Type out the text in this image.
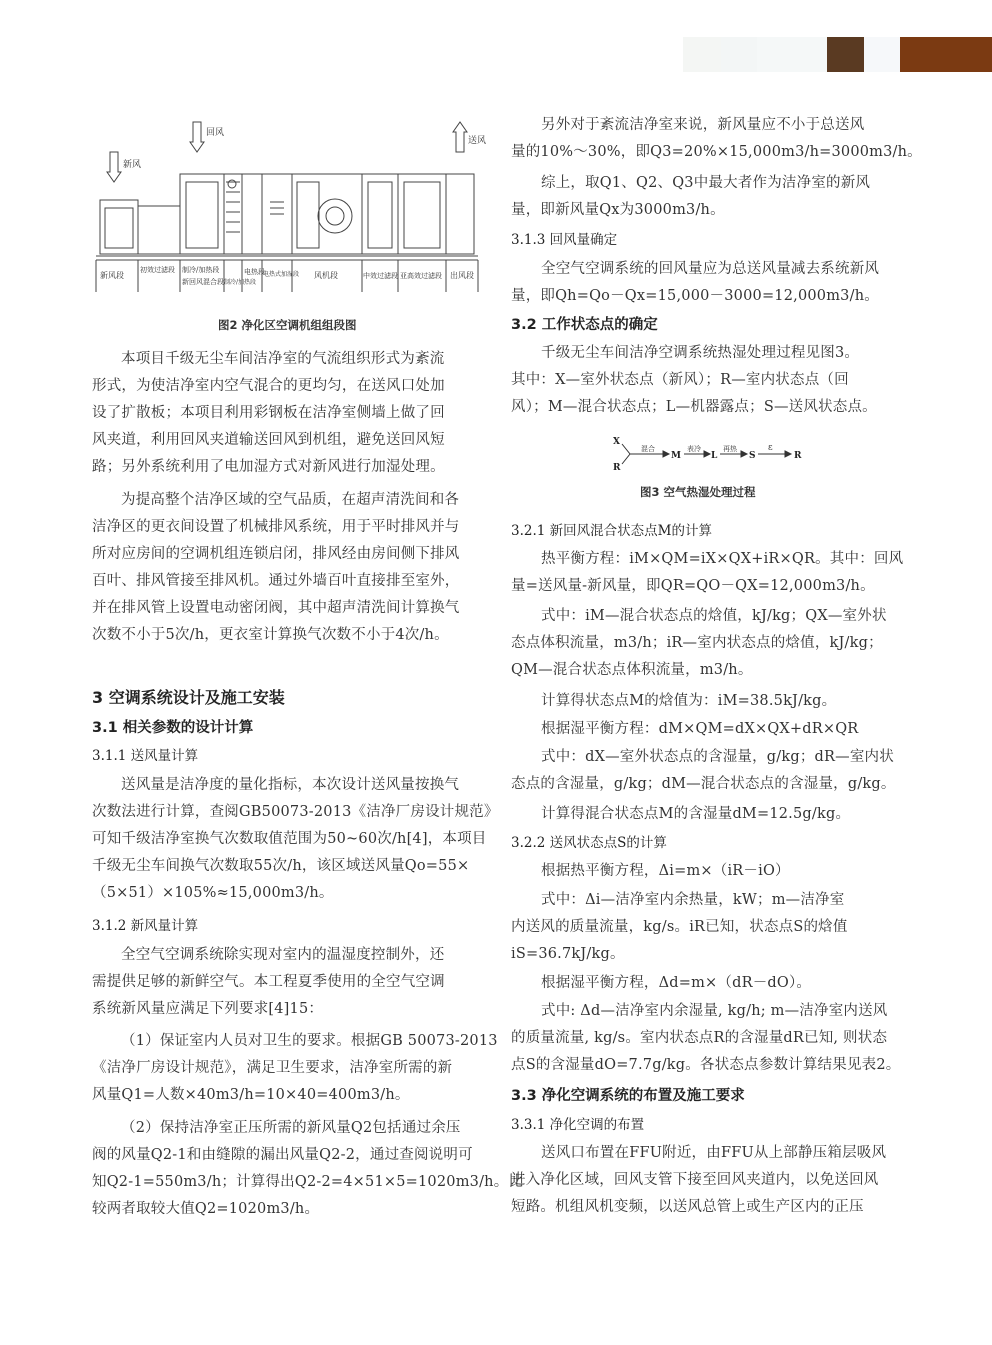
回风
新风
送风
新风段
初效过滤段 制冷/加热段
新回风混合段 制冷/加热段
电热段
电热式加湿段 风机段	中效过滤段 亚高效过滤段 出风段
图2 净化区空调机组组段图
本项目千级无尘车间洁净室的气流组织形式为紊流
形式，为使洁净室内空气混合的更均匀，在送风口处加
设了扩散板；本项目利用彩钢板在洁净室侧墙上做了回
风夹道，利用回风夹道输送回风到机组，避免送回风短
路；另外系统利用了电加湿方式对新风进行加湿处理。
为提高整个洁净区域的空气品质，在超声清洗间和各
洁净区的更衣间设置了机械排风系统，用于平时排风并与
所对应房间的空调机组连锁启闭，排风经由房间侧下排风
百叶、排风管接至排风机。通过外墙百叶直接排至室外，
并在排风管上设置电动密闭阀，其中超声清洗间计算换气
次数不小于5次/h，更衣室计算换气次数不小于4次/h。
3 空调系统设计及施工安装
3.1 相关参数的设计计算
3.1.1 送风量计算
送风量是洁净度的量化指标，本次设计送风量按换气
次数法进行计算，查阅GB50073-2013《洁净厂房设计规范》
可知千级洁净室换气次数取值范围为50~60次/h[4]，本项目
千级无尘车间换气次数取55次/h，该区域送风量Qo=55×
（5×51）×105%≈15,000m3/h。
3.1.2 新风量计算
全空气空调系统除实现对室内的温湿度控制外，还
需提供足够的新鲜空气。本工程夏季使用的全空气空调
系统新风量应满足下列要求[4]15：
（1）保证室内人员对卫生的要求。根据GB 50073-2013
《洁净厂房设计规范》，满足卫生要求，洁净室所需的新
风量Q1=人数×40m3/h=10×40=400m3/h。
（2）保持洁净室正压所需的新风量Q2包括通过余压
阀的风量Q2-1和由缝隙的漏出风量Q2-2，通过查阅说明可
知Q2-1=550m3/h；计算得出Q2-2=4×51×5=1020m3/h。比
较两者取较大值Q2=1020m3/h。
另外对于紊流洁净室来说，新风量应不小于总送风
量的10%～30%，即Q3=20%×15,000m3/h=3000m3/h。
综上，取Q1、Q2、Q3中最大者作为洁净室的新风
量，即新风量Qx为3000m3/h。
3.1.3 回风量确定
全空气空调系统的回风量应为总送风量减去系统新风
量，即Qh=Qo－Qx=15,000－3000=12,000m3/h。
3.2 工作状态点的确定
千级无尘车间洁净空调系统热湿处理过程见图3。
其中：X—室外状态点（新风）；R—室内状态点（回
风）；M—混合状态点；L—机器露点；S—送风状态点。
X
R
M	L	S	R
混合	表冷	再热	ε
图3 空气热湿处理过程
3.2.1 新回风混合状态点M的计算
热平衡方程：iM×QM=iX×QX+iR×QR。其中：回风
量=送风量-新风量，即QR=QO－QX=12,000m3/h。
式中：iM—混合状态点的焓值，kJ/kg；QX—室外状
态点体积流量，m3/h；iR—室内状态点的焓值，kJ/kg；
QM—混合状态点体积流量，m3/h。
计算得状态点M的焓值为：iM=38.5kJ/kg。
根据湿平衡方程：dM×QM=dX×QX+dR×QR
式中：dX—室外状态点的含湿量，g/kg；dR—室内状
态点的含湿量，g/kg；dM—混合状态点的含湿量，g/kg。
计算得混合状态点M的含湿量dM=12.5g/kg。
3.2.2 送风状态点S的计算
根据热平衡方程，Δi=m×（iR－iO）
式中：Δi—洁净室内余热量，kW；m—洁净室
内送风的质量流量，kg/s。iR已知，状态点S的焓值
iS=36.7kJ/kg。
根据湿平衡方程，Δd=m×（dR－dO）。
式中: Δd—洁净室内余湿量, kg/h; m—洁净室内送风
的质量流量, kg/s。室内状态点R的含湿量dR已知, 则状态
点S的含湿量dO=7.7g/kg。各状态点参数计算结果见表2。
3.3 净化空调系统的布置及施工要求
3.3.1 净化空调的布置
送风口布置在FFU附近，由FFU从上部静压箱层吸风
进入净化区域，回风支管下接至回风夹道内，以免送回风
短路。机组风机变频，以送风总管上或生产区内的正压
